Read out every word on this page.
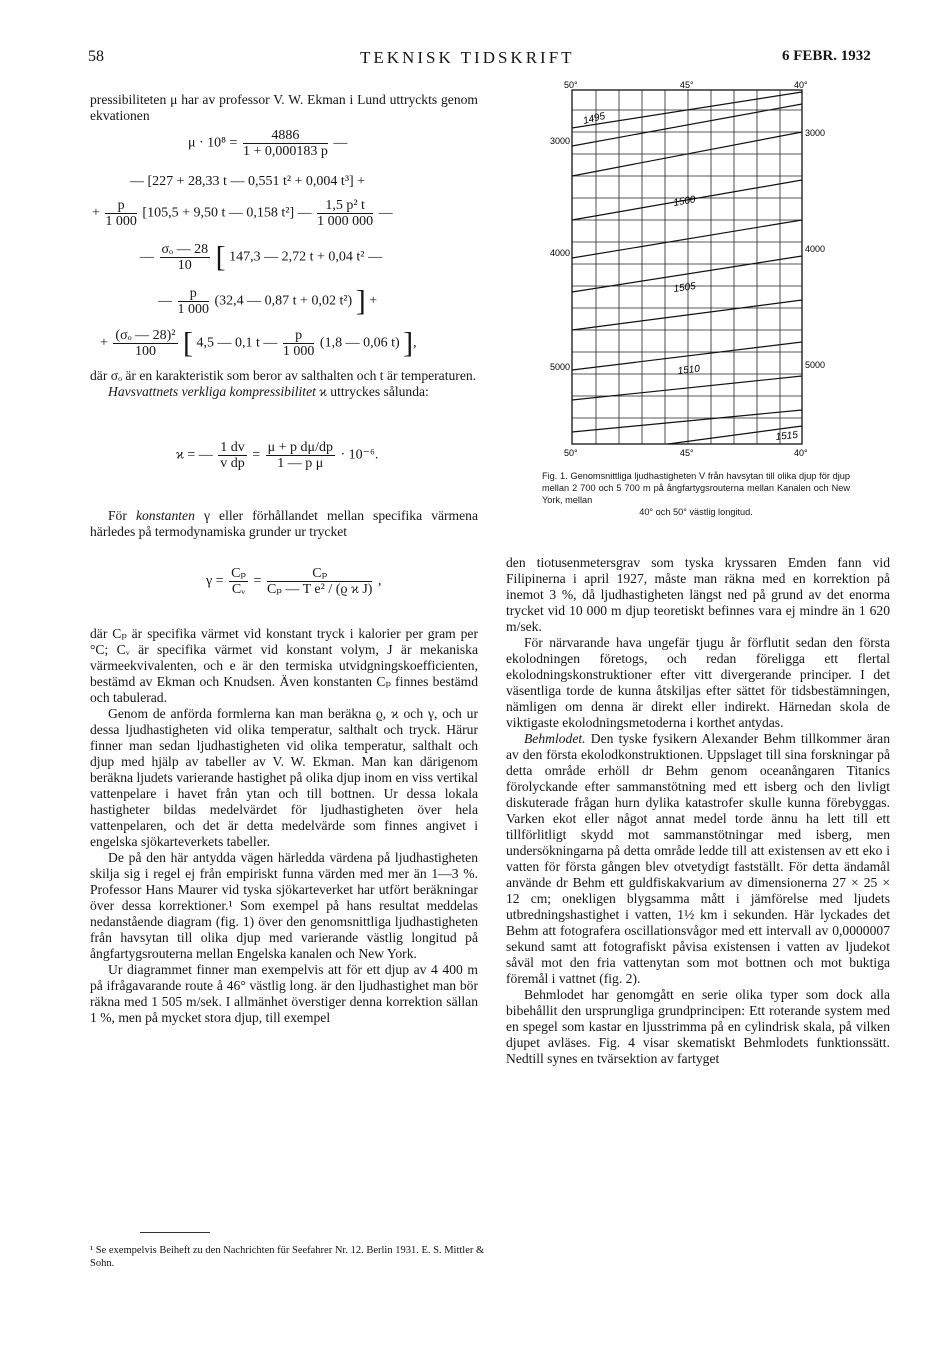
58	TEKNISK TIDSKRIFT	6 FEBR. 1932

pressibiliteten μ har av professor V. W. Ekman i Lund uttryckts genom ekvationen

$\mu \cdot 10^8 = \frac{4886}{1 + 0,000183 p}$ —
— [227 + 28,33 t — 0,551 t² + 0,004 t³] +
+ $\frac{p}{1 000} [105,5 + 9,50$ t — 0,158 t²] — $\frac{\text{1,5 p² t}}{1 000 000}$ —
— $\frac{\text{σₒ — 28}}{10}$ [ 147,3 — 2,72 t + 0,04 t² —
— $\frac{p}{1 000} (32,4$ — 0,87 t + 0,02 t²) ] +
+ $\frac{\text{(σₒ — 28)²}}{100}$ [ 4,5 — 0,1 t — $\frac{p}{1 000} (1,8$ — 0,06 t) ],

där σₒ är en karakteristik som beror av salthalten och t är temperaturen.

Havsvattnets verkliga kompressibilitet ϰ uttryckes sålunda:

ϰ = — $\frac{1 dv}{\text{v dp}} = \frac{\text{μ + p dμ/dp}}{\text{1 — p μ}} \cdot 10^{-6}$.

För konstanten γ eller förhållandet mellan specifika värmena härledes på termodynamiska grunder ur trycket

$\gamma = \frac{\text{Cₚ}}{\text{Cᵥ}} = \frac{\text{Cₚ}}{\text{Cₚ — T e² / (ϱ ϰ J)}}$ ,

där Cₚ är specifika värmet vid konstant tryck i kalorier per gram per °C; Cᵥ är specifika värmet vid konstant volym, J är mekaniska värmeekvivalenten, och e är den termiska utvidgningskoefficienten, bestämd av Ekman och Knudsen. Även konstanten Cₚ finnes bestämd och tabulerad.

Genom de anförda formlerna kan man beräkna ϱ, ϰ och γ, och ur dessa ljudhastigheten vid olika temperatur, salthalt och tryck. Härur finner man sedan ljudhastigheten vid olika temperatur, salthalt och djup med hjälp av tabeller av V. W. Ekman. Man kan därigenom beräkna ljudets varierande hastighet på olika djup inom en viss vertikal vattenpelare i havet från ytan och till bottnen. Ur dessa lokala hastigheter bildas medelvärdet för ljudhastigheten över hela vattenpelaren, och det är detta medelvärde som finnes angivet i engelska sjökarteverkets tabeller.

De på den här antydda vägen härledda värdena på ljudhastigheten skilja sig i regel ej från empiriskt funna värden med mer än 1—3 %. Professor Hans Maurer vid tyska sjökarteverket har utfört beräkningar över dessa korrektioner.¹ Som exempel på hans resultat meddelas nedanstående diagram (fig. 1) över den genomsnittliga ljudhastigheten från havsytan till olika djup med varierande västlig longitud på ångfartygsrouterna mellan Engelska kanalen och New York.

Ur diagrammet finner man exempelvis att för ett djup av 4 400 m på ifrågavarande route å 46° västlig long. är den ljudhastighet man bör räkna med 1 505 m/sek. I allmänhet överstiger denna korrektion sällan 1 %, men på mycket stora djup, till exempel

¹ Se exempelvis Beiheft zu den Nachrichten für Seefahrer Nr. 12. Berlin 1931. E. S. Mittler & Sohn.
50°	45°	40°
50°	45°	40°
3000
4000
5000
3000
4000
5000
1495
1500
1505
1510
1515
Fig. 1. Genomsnittliga ljudhastigheten V från havsytan till olika djup för djup mellan 2 700 och 5 700 m på ångfartygsrouterna mellan Kanalen och New York, mellan
40° och 50° västlig longitud.

den tiotusenmetersgrav som tyska kryssaren Emden fann vid Filipinerna i april 1927, måste man räkna med en korrektion på inemot 3 %, då ljudhastigheten längst ned på grund av det enorma trycket vid 10 000 m djup teoretiskt befinnes vara ej mindre än 1 620 m/sek.

För närvarande hava ungefär tjugu år förflutit sedan den första ekolodningen företogs, och redan föreligga ett flertal ekolodningskonstruktioner efter vitt divergerande principer. I det väsentliga torde de kunna åtskiljas efter sättet för tidsbestämningen, nämligen om denna är direkt eller indirekt. Härnedan skola de viktigaste ekolodningsmetoderna i korthet antydas.

Behmlodet. Den tyske fysikern Alexander Behm tillkommer äran av den första ekolodkonstruktionen. Uppslaget till sina forskningar på detta område erhöll dr Behm genom oceanångaren Titanics förolyckande efter sammanstötning med ett isberg och den livligt diskuterade frågan hurn dylika katastrofer skulle kunna förebyggas. Varken ekot eller något annat medel torde ännu ha lett till ett tillförlitligt skydd mot sammanstötningar med isberg, men undersökningarna på detta område ledde till att existensen av ett eko i vatten för första gången blev otvetydigt fastställt. För detta ändamål använde dr Behm ett guldfiskakvarium av dimensionerna 27 × 25 × 12 cm; onekligen blygsamma mått i jämförelse med ljudets utbredningshastighet i vatten, 1½ km i sekunden. Här lyckades det Behm att fotografera oscillationsvågor med ett intervall av 0,0000007 sekund samt att fotografiskt påvisa existensen i vatten av ljudekot såväl mot den fria vattenytan som mot bottnen och mot buktiga föremål i vattnet (fig. 2).

Behmlodet har genomgått en serie olika typer som dock alla bibehållit den ursprungliga grundprincipen: Ett roterande system med en spegel som kastar en ljusstrimma på en cylindrisk skala, på vilken djupet avläses. Fig. 4 visar skematiskt Behmlodets funktionssätt. Nedtill synes en tvärsektion av fartyget
